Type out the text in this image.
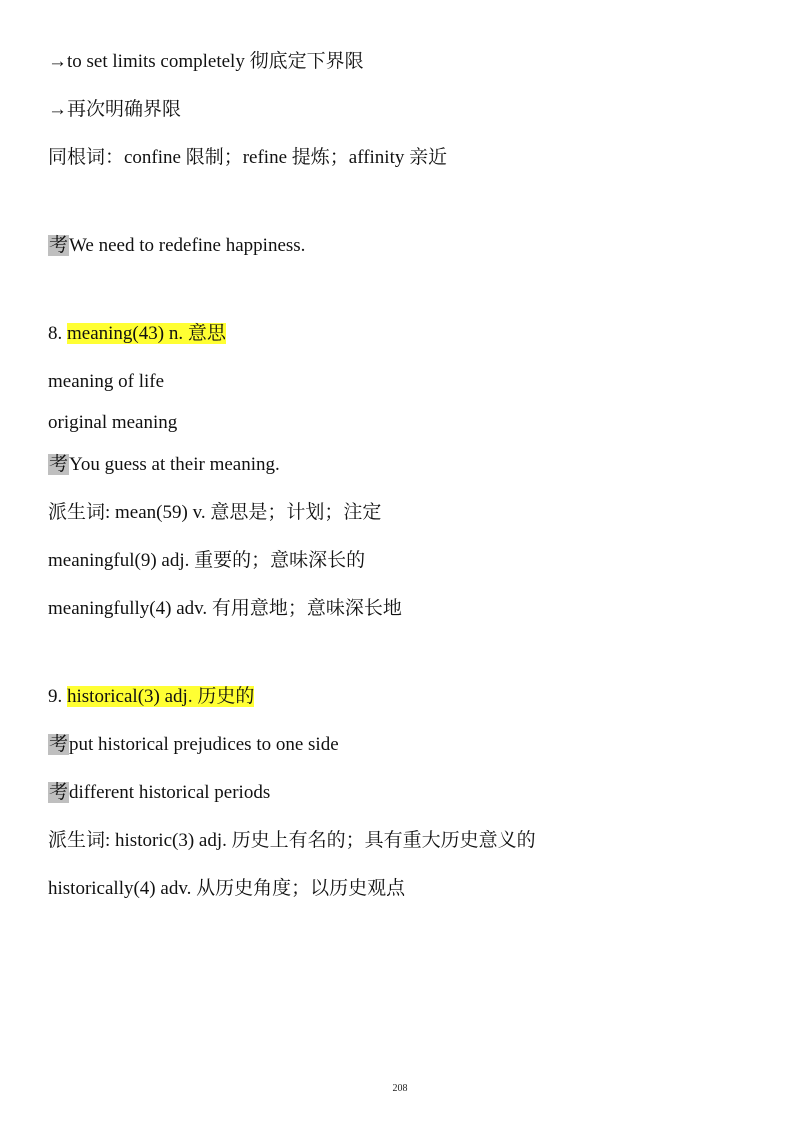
→to set limits completely 彻底定下界限
→再次明确界限
同根词：confine 限制；refine 提炼；affinity 亲近
考We need to redefine happiness.
8. meaning(43) n. 意思
meaning of life
original meaning
考You guess at their meaning.
派生词: mean(59) v. 意思是；计划；注定
meaningful(9) adj. 重要的；意味深长的
meaningfully(4) adv. 有用意地；意味深长地
9. historical(3) adj. 历史的
考put historical prejudices to one side
考different historical periods
派生词: historic(3) adj. 历史上有名的；具有重大历史意义的
historically(4) adv. 从历史角度；以历史观点
208
